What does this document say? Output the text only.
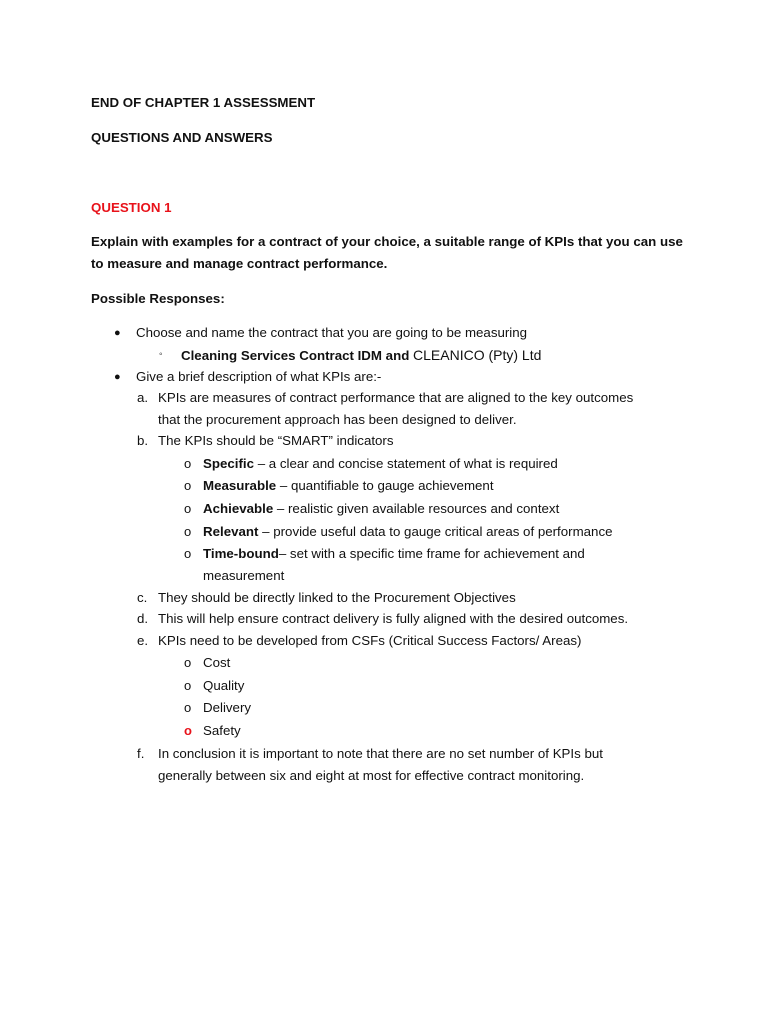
END OF CHAPTER 1 ASSESSMENT
QUESTIONS AND ANSWERS
QUESTION 1
Explain with examples for a contract of your choice, a suitable range of KPIs that you can use
to measure and manage contract performance.
Possible Responses:
● Choose and name the contract that you are going to be measuring
◦ Cleaning Services Contract IDM and CLEANICO (Pty) Ltd
● Give a brief description of what KPIs are:-
a. KPIs are measures of contract performance that are aligned to the key outcomes
that the procurement approach has been designed to deliver.
b. The KPIs should be “SMART” indicators
o Specific – a clear and concise statement of what is required
o Measurable – quantifiable to gauge achievement
o Achievable – realistic given available resources and context
o Relevant – provide useful data to gauge critical areas of performance
o Time-bound– set with a specific time frame for achievement and
measurement
c. They should be directly linked to the Procurement Objectives
d. This will help ensure contract delivery is fully aligned with the desired outcomes.
e. KPIs need to be developed from CSFs (Critical Success Factors/ Areas)
o Cost
o Quality
o Delivery
o Safety
f. In conclusion it is important to note that there are no set number of KPIs but
generally between six and eight at most for effective contract monitoring.
